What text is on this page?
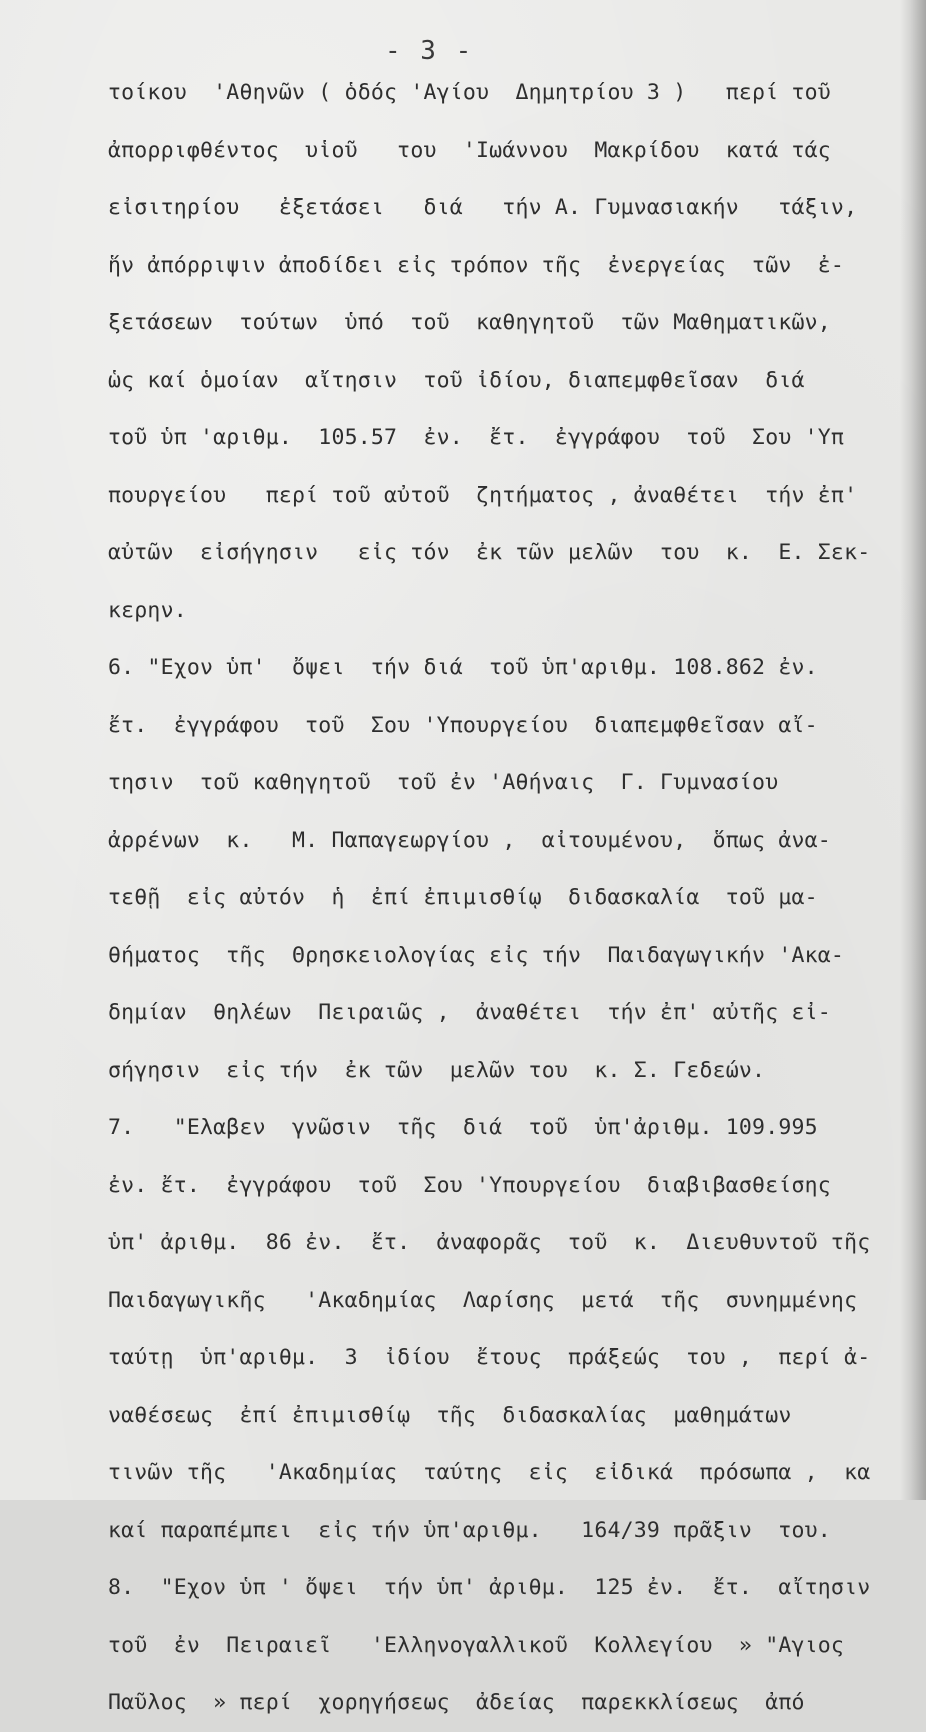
- 3 -
τοίκου  'Αθηνῶν ( ὁδός 'Αγίου  Δημητρίου 3 )   περί τοῦ
ἀπορριφθέντος  υἱοῦ   του  'Ιωάννου  Μακρίδου  κατά τάς
εἰσιτηρίου   ἐξετάσει   διά   τήν Α. Γυμνασιακήν   τάξιν,
ἥν ἀπόρριψιν ἀποδίδει εἰς τρόπον τῆς  ἐνεργείας  τῶν  ἐ-
ξετάσεων  τούτων  ὑπό  τοῦ  καθηγητοῦ  τῶν Μαθηματικῶν,
ὡς καί ὁμοίαν  αἴτησιν  τοῦ ἰδίου, διαπεμφθεῖσαν  διά
τοῦ ὑπ 'αριθμ.  105.57  ἐν.  ἔτ.  ἐγγράφου  τοῦ  Σου 'Υπ
πουργείου   περί τοῦ αὐτοῦ  ζητήματος , ἀναθέτει  τήν ἐπ'
αὐτῶν  εἰσήγησιν   εἰς τόν  ἐκ τῶν μελῶν  του  κ.  Ε. Σεκ-
κερην.
6. "Εχον ὑπ'  ὄψει  τήν διά  τοῦ ὑπ'αριθμ. 108.862 ἐν.
ἔτ.  ἐγγράφου  τοῦ  Σου 'Υπουργείου  διαπεμφθεῖσαν αἴ-
τησιν  τοῦ καθηγητοῦ  τοῦ ἐν 'Αθήναις  Γ. Γυμνασίου
ἀρρένων  κ.   Μ. Παπαγεωργίου ,  αἰτουμένου,  ὅπως ἀνα-
τεθῇ  εἰς αὐτόν  ἡ  ἐπί ἐπιμισθίῳ  διδασκαλία  τοῦ μα-
θήματος  τῆς  Θρησκειολογίας εἰς τήν  Παιδαγωγικήν 'Ακα-
δημίαν  θηλέων  Πειραιῶς ,  ἀναθέτει  τήν ἐπ' αὐτῆς εἰ-
σήγησιν  εἰς τήν  ἐκ τῶν  μελῶν του  κ. Σ. Γεδεών.
7.   "Ελαβεν  γνῶσιν  τῆς  διά  τοῦ  ὑπ'ἀριθμ. 109.995
ἐν. ἔτ.  ἐγγράφου  τοῦ  Σου 'Υπουργείου  διαβιβασθείσης
ὑπ' ἀριθμ.  86 ἐν.  ἔτ.  ἀναφορᾶς  τοῦ  κ.  Διευθυντοῦ τῆς
Παιδαγωγικῆς   'Ακαδημίας  Λαρίσης  μετά  τῆς  συνημμένης
ταύτῃ  ὑπ'αριθμ.  3  ἰδίου  ἔτους  πράξεώς  του ,  περί ἀ-
ναθέσεως  ἐπί ἐπιμισθίῳ  τῆς  διδασκαλίας  μαθημάτων
τινῶν τῆς   'Ακαδημίας  ταύτης  εἰς  εἰδικά  πρόσωπα ,  κα
καί παραπέμπει  εἰς τήν ὑπ'αριθμ.   164/39 πρᾶξιν  του.
8.  "Εχον ὑπ ' ὄψει  τήν ὑπ' ἀριθμ.  125 ἐν.  ἔτ.  αἴτησιν
τοῦ  ἐν  Πειραιεῖ   'Ελληνογαλλικοῦ  Κολλεγίου  » "Αγιος
Παῦλος  » περί  χορηγήσεως  ἀδείας  παρεκκλίσεως  ἀπό
